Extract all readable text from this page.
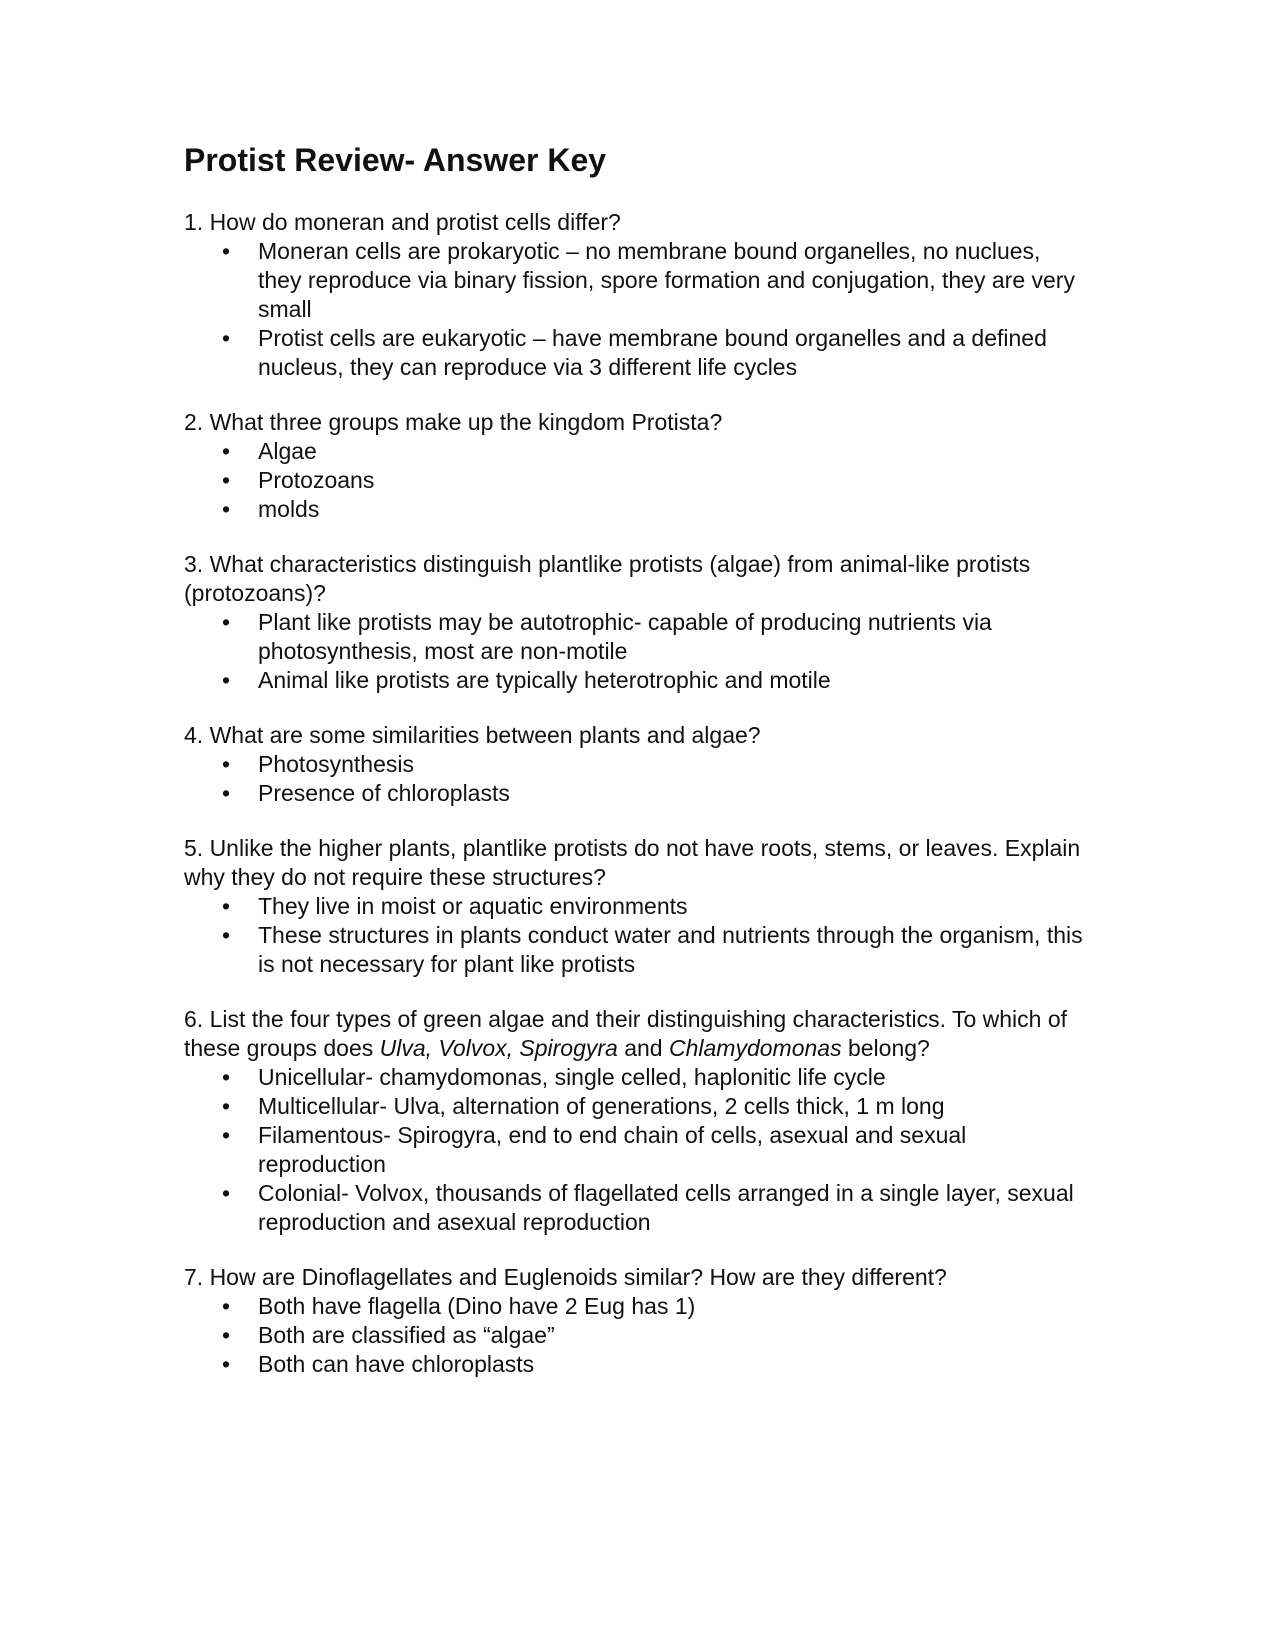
Protist Review- Answer Key

1. How do moneran and protist cells differ?

• Moneran cells are prokaryotic – no membrane bound organelles, no nuclues, they reproduce via binary fission, spore formation and conjugation, they are very small
• Protist cells are eukaryotic – have membrane bound organelles and a defined nucleus, they can reproduce via 3 different life cycles

2. What three groups make up the kingdom Protista?

• Algae
• Protozoans
• molds

3. What characteristics distinguish plantlike protists (algae) from animal-like protists (protozoans)?

• Plant like protists may be autotrophic- capable of producing nutrients via photosynthesis, most are non-motile
• Animal like protists are typically heterotrophic and motile

4. What are some similarities between plants and algae?

• Photosynthesis
• Presence of chloroplasts

5. Unlike the higher plants, plantlike protists do not have roots, stems, or leaves. Explain why they do not require these structures?

• They live in moist or aquatic environments
• These structures in plants conduct water and nutrients through the organism, this is not necessary for plant like protists

6. List the four types of green algae and their distinguishing characteristics. To which of these groups does Ulva, Volvox, Spirogyra and Chlamydomonas belong?

• Unicellular- chamydomonas, single celled, haplonitic life cycle
• Multicellular- Ulva, alternation of generations, 2 cells thick, 1 m long
• Filamentous- Spirogyra, end to end chain of cells, asexual and sexual reproduction
• Colonial- Volvox, thousands of flagellated cells arranged in a single layer, sexual reproduction and asexual reproduction

7. How are Dinoflagellates and Euglenoids similar? How are they different?

• Both have flagella (Dino have 2 Eug has 1)
• Both are classified as “algae”
• Both can have chloroplasts
